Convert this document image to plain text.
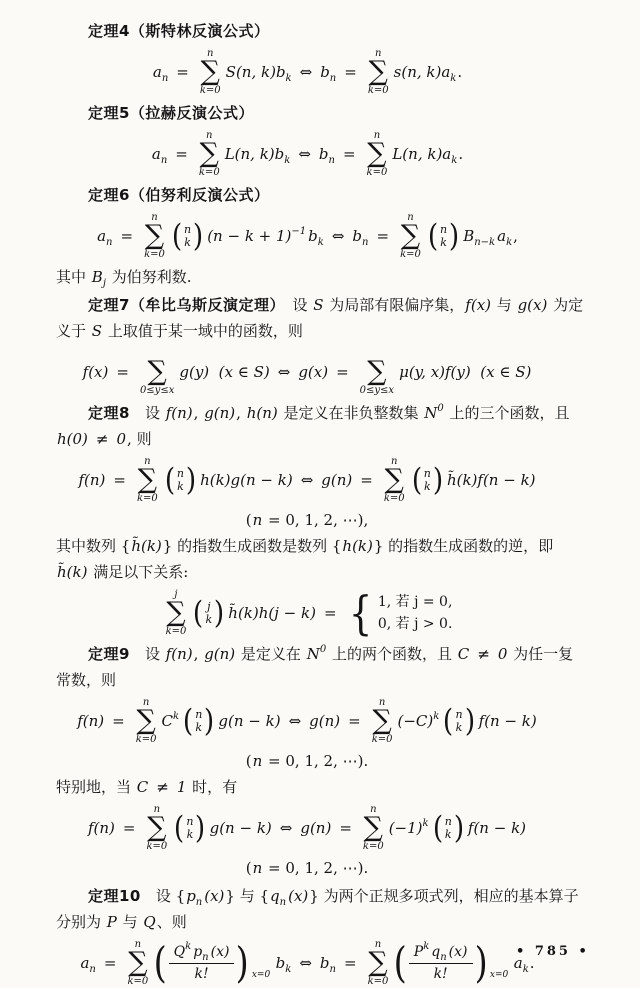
定理4（斯特林反演公式）
$a_n$ =
n
∑
k=0
S(n, $k)b_k$ ⇔ $b_n$ =
n
∑
k=0
s(n, $k)a_k$ .
定理5（拉赫反演公式）
$a_n$ =
n
∑
k=0
L(n, $k)b_k$ ⇔ $b_n$ =
n
∑
k=0
L(n, $k)a_k$ .
定理6（伯努利反演公式）
$a_n$ =
n
∑
k=0
( n
k ) $(n - k + 1)^{-1}$ $b_k$ ⇔ $b_n$ =
n
∑
k=0
( n
k ) $B_{n-k}$ $a_k$ ,
其中 $B_j$ 为伯努利数.
定理7（牟比乌斯反演定理）　设 S 为局部有限偏序集，f(x) 与 g(x) 为定
义于 S 上取值于某一域中的函数，则
f(x) = ∑
0≤y≤x
g(y) (x ∈ S) ⇔ g(x) = ∑
0≤y≤x
μ(y, x)f(y) (x ∈ S)
定理8　设 f(n), g(n), h(n) 是定义在非负整数集 $N^0$ 上的三个函数，且
h(0) ≠ 0, 则
f(n) =
n
∑
k=0
( n
k ) h(k)g(n − k) ⇔ g(n) =
n
∑
k=0
( n
k ) h̃(k)f(n − k)
(n = 0, 1, 2, ⋯),
其中数列 {h̃(k)} 的指数生成函数是数列 {h(k)} 的指数生成函数的逆，即
h̃(k) 满足以下关系:
j
∑
k=0
( j
k ) h̃(k)h(j − k) = { 1, 若 j = 0,
0, 若 j > 0.
定理9　设 f(n), g(n) 是定义在 $N^0$ 上的两个函数，且 C ≠ 0 为任一复
常数，则
f(n) =
n
∑
k=0
$C^k$ ( n
k ) g(n − k) ⇔ g(n) =
n
∑
k=0
$(-C)^k$ ( n
k ) f(n − k)
(n = 0, 1, 2, ⋯).
特别地，当 C ≠ 1 时，有
f(n) =
n
∑
k=0
( n
k ) g(n − k) ⇔ g(n) =
n
∑
k=0
$(-1)^k$ ( n
k ) f(n − k)
(n = 0, 1, 2, ⋯).
定理10　设 {$p_n$ (x)} 与 {$q_n$ (x)} 为两个正规多项式列，相应的基本算子
分别为 P 与 Q、则
$a_n$ =
n
∑
k=0 ( $\frac{Q^k p_n (x)}{k!}$ ) x=0
$b_k$ ⇔ $b_n$ =
n
∑
k=0 ( $\frac{P^k q_n (x)}{k!}$ ) x=0
$a_k$ .
• 785 •
